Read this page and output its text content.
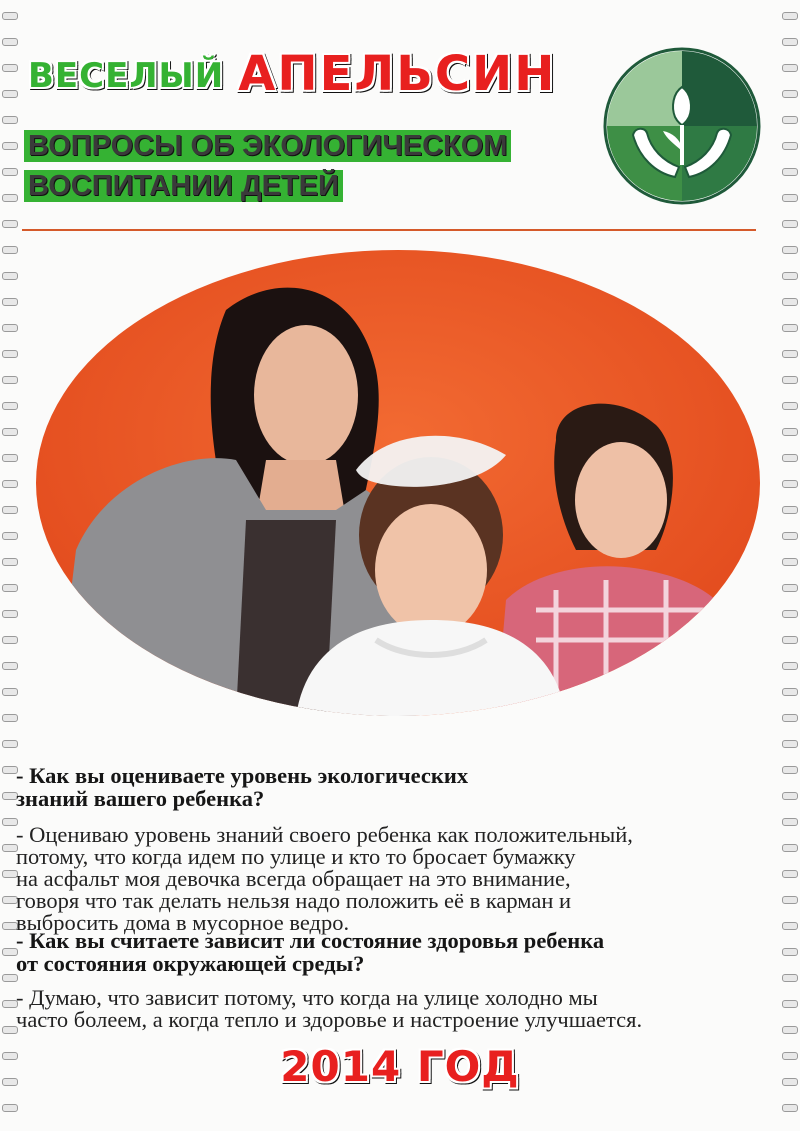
ВЕСЕЛЫЙ АПЕЛЬСИН
ВОПРОСЫ ОБ ЭКОЛОГИЧЕСКОМ
ВОСПИТАНИИ ДЕТЕЙ
- Как вы оцениваете уровень экологических
знаний вашего ребенка?
- Оцениваю уровень знаний своего ребенка как положительный,
потому, что когда идем по улице и кто то бросает бумажку
на асфальт моя девочка всегда обращает на это внимание,
говоря что так делать нельзя надо положить её в карман и
выбросить дома в мусорное ведро.
- Как вы считаете зависит ли состояние здоровья ребенка
от состояния окружающей среды?
- Думаю, что зависит потому, что когда на улице холодно мы
часто болеем, а когда тепло и здоровье и настроение улучшается.
2014 ГОД
